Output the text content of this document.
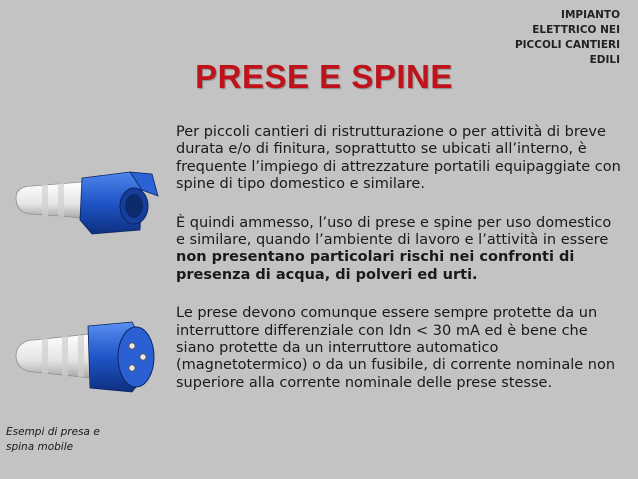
IMPIANTO
ELETTRICO NEI
PICCOLI CANTIERI
EDILI
PRESE E SPINE

Per piccoli cantieri di ristrutturazione o per attività di breve durata e/o di finitura, soprattutto se ubicati all’interno, è frequente l’impiego di attrezzature portatili equipaggiate con spine di tipo domestico e similare.

È quindi ammesso, l’uso di prese e spine per uso domestico e similare, quando l’ambiente di lavoro e l’attività in essere non presentano particolari rischi nei confronti di presenza di acqua, di polveri ed urti.

Le prese devono comunque essere sempre protette da un interruttore differenziale con Idn < 30 mA ed è bene che siano protette da un interruttore automatico (magnetotermico) o da un fusibile, di corrente nominale non superiore alla corrente nominale delle prese stesse.

Esempi di presa e spina mobile
